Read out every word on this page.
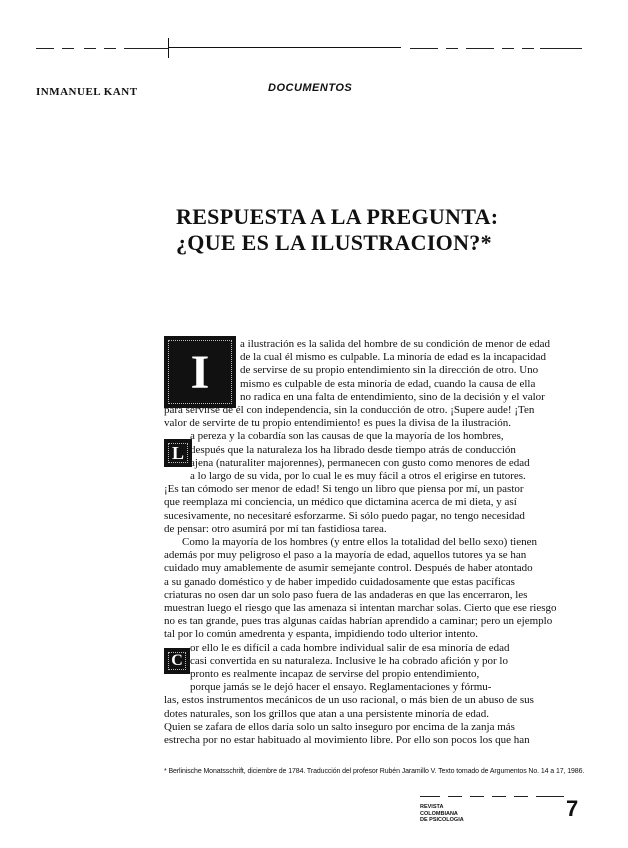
DOCUMENTOS
INMANUEL KANT
RESPUESTA A LA PREGUNTA:
¿QUE ES LA ILUSTRACION?*
I
L
C
a ilustración es la salida del hombre de su condición de menor de edad
de la cual él mismo es culpable. La minoría de edad es la incapacidad
de servirse de su propio entendimiento sin la dirección de otro. Uno
mismo es culpable de esta minoría de edad, cuando la causa de ella
no radica en una falta de entendimiento, sino de la decisión y el valor
para servirse de él con independencia, sin la conducción de otro. ¡Supere aude! ¡Ten
valor de servirte de tu propio entendimiento! es pues la divisa de la ilustración.
a pereza y la cobardía son las causas de que la mayoría de los hombres,
después que la naturaleza los ha librado desde tiempo atrás de conducción
ajena (naturaliter majorennes), permanecen con gusto como menores de edad
a lo largo de su vida, por lo cual le es muy fácil a otros el erigirse en tutores.
¡Es tan cómodo ser menor de edad! Si tengo un libro que piensa por mí, un pastor
que reemplaza mi conciencia, un médico que dictamina acerca de mi dieta, y así
sucesivamente, no necesitaré esforzarme. Si sólo puedo pagar, no tengo necesidad
de pensar: otro asumirá por mí tan fastidiosa tarea.
Como la mayoría de los hombres (y entre ellos la totalidad del bello sexo) tienen
además por muy peligroso el paso a la mayoría de edad, aquellos tutores ya se han
cuidado muy amablemente de asumir semejante control. Después de haber atontado
a su ganado doméstico y de haber impedido cuidadosamente que estas pacíficas
criaturas no osen dar un solo paso fuera de las andaderas en que las encerraron, les
muestran luego el riesgo que las amenaza si intentan marchar solas. Cierto que ese riesgo
no es tan grande, pues tras algunas caídas habrían aprendido a caminar; pero un ejemplo
tal por lo común amedrenta y espanta, impidiendo todo ulterior intento.
or ello le es difícil a cada hombre individual salir de esa minoría de edad
casi convertida en su naturaleza. Inclusive le ha cobrado afición y por lo
pronto es realmente incapaz de servirse del propio entendimiento,
porque jamás se le dejó hacer el ensayo. Reglamentaciones y fórmu-
las, estos instrumentos mecánicos de un uso racional, o más bien de un abuso de sus
dotes naturales, son los grillos que atan a una persistente minoría de edad.
Quien se zafara de ellos daría solo un salto inseguro por encima de la zanja más
estrecha por no estar habituado al movimiento libre. Por ello son pocos los que han
* Berlinische Monatsschrift, diciembre de 1784. Traducción del profesor Rubén Jaramillo V. Texto tomado de Argumentos No. 14 a 17, 1986.
REVISTA
COLOMBIANA
DE PSICOLOGIA	7
